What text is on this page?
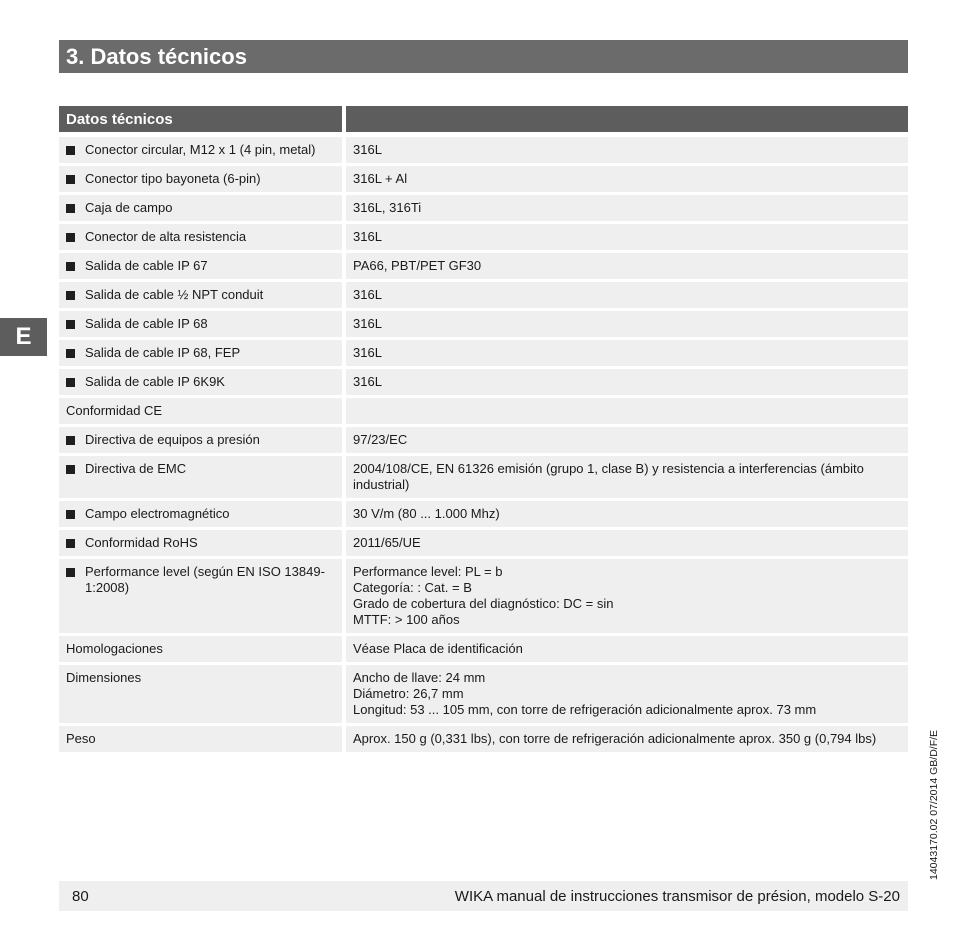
3. Datos técnicos
Datos técnicos	

Conector circular, M12 x 1 (4 pin, metal)	316L

Conector tipo bayoneta (6-pin)	316L + Al

Caja de campo	316L, 316Ti

Conector de alta resistencia	316L

Salida de cable IP 67	PA66, PBT/PET GF30

Salida de cable ½ NPT conduit	316L

Salida de cable IP 68	316L

Salida de cable IP 68, FEP	316L

Salida de cable IP 6K9K	316L

Conformidad CE	

Directiva de equipos a presión	97/23/EC

Directiva de EMC	2004/108/CE, EN 61326 emisión (grupo 1, clase B) y resistencia a interferencias (ámbito industrial)

Campo electromagnético	30 V/m (80 ... 1.000 Mhz)

Conformidad RoHS	2011/65/UE

Performance level (según EN ISO 13849-1:2008)	Performance level: PL = b
Categoría: : Cat. = B
Grado de cobertura del diagnóstico: DC = sin
MTTF: > 100 años

Homologaciones	Véase Placa de identificación

Dimensiones	Ancho de llave: 24 mm
Diámetro: 26,7 mm
Longitud: 53 ... 105 mm, con torre de refrigeración adicionalmente aprox. 73 mm

Peso	Aprox. 150 g (0,331 lbs), con torre de refrigeración adicionalmente aprox. 350 g (0,794 lbs)
E
14043170.02 07/2014 GB/D/F/E
80	WIKA manual de instrucciones transmisor de présion, modelo S-20
